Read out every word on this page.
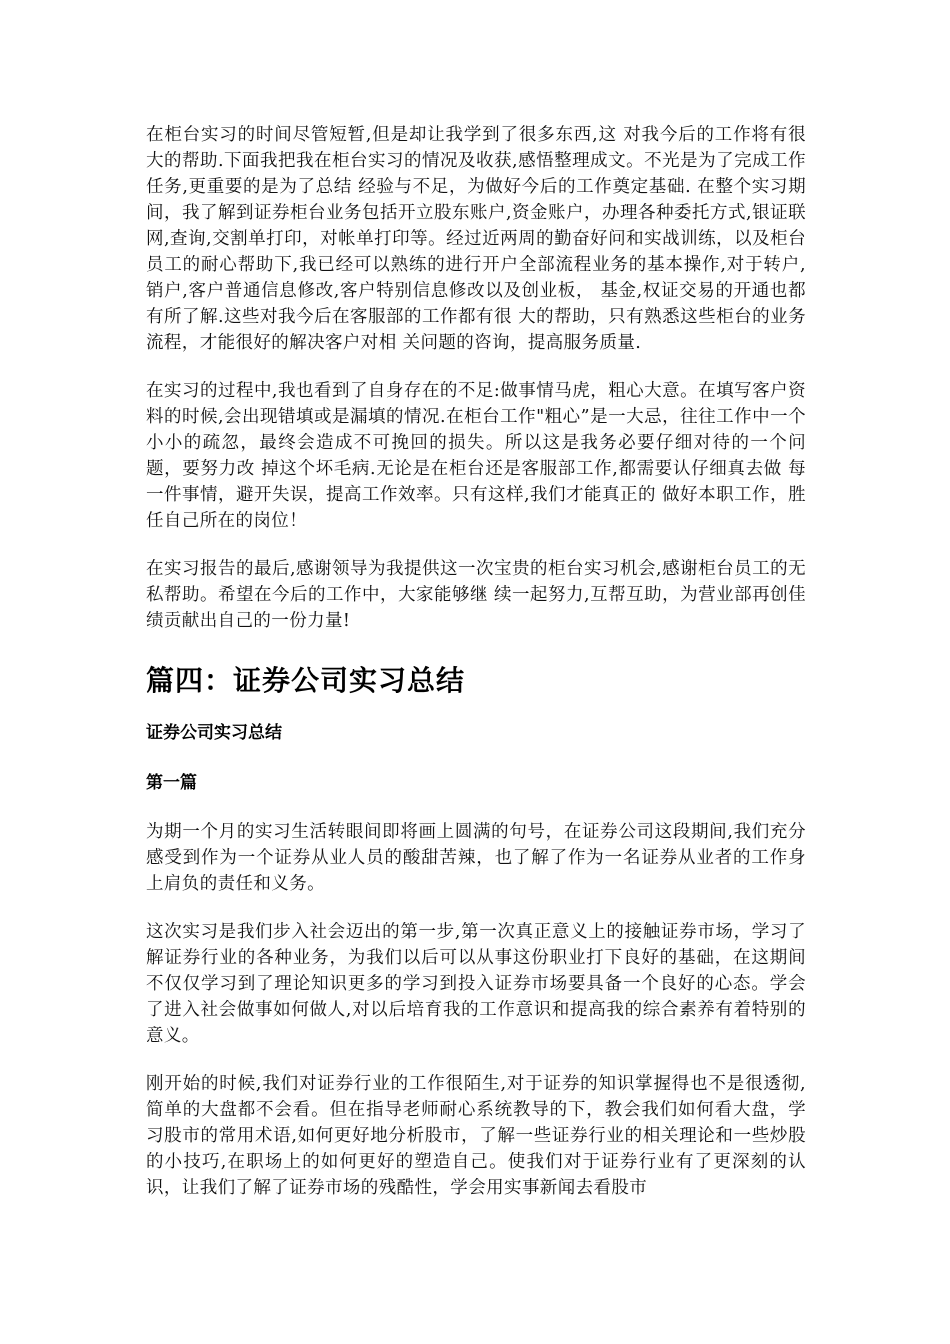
在柜台实习的时间尽管短暂,但是却让我学到了很多东西,这 对我今后的工作将有很大的帮助.下面我把我在柜台实习的情况及收获,感悟整理成文。不光是为了完成工作任务,更重要的是为了总结 经验与不足，为做好今后的工作奠定基础. 在整个实习期间，我了解到证券柜台业务包括开立股东账户,资金账户，办理各种委托方式,银证联网,查询,交割单打印，对帐单打印等。经过近两周的勤奋好问和实战训练，以及柜台员工的耐心帮助下,我已经可以熟练的进行开户全部流程业务的基本操作,对于转户,销户,客户普通信息修改,客户特别信息修改以及创业板， 基金,权证交易的开通也都有所了解.这些对我今后在客服部的工作都有很 大的帮助，只有熟悉这些柜台的业务流程，才能很好的解决客户对相 关问题的咨询，提高服务质量.

在实习的过程中,我也看到了自身存在的不足:做事情马虎，粗心大意。在填写客户资料的时候,会出现错填或是漏填的情况.在柜台工作"粗心”是一大忌，往往工作中一个小小的疏忽，最终会造成不可挽回的损失。所以这是我务必要仔细对待的一个问题，要努力改 掉这个坏毛病.无论是在柜台还是客服部工作,都需要认仔细真去做 每一件事情，避开失误，提高工作效率。只有这样,我们才能真正的 做好本职工作，胜任自己所在的岗位！

在实习报告的最后,感谢领导为我提供这一次宝贵的柜台实习机会,感谢柜台员工的无私帮助。希望在今后的工作中，大家能够继 续一起努力,互帮互助，为营业部再创佳绩贡献出自己的一份力量!

篇四：证券公司实习总结
证券公司实习总结
第一篇

为期一个月的实习生活转眼间即将画上圆满的句号，在证券公司这段期间,我们充分感受到作为一个证券从业人员的酸甜苦辣，也了解了作为一名证券从业者的工作身上肩负的责任和义务。

这次实习是我们步入社会迈出的第一步,第一次真正意义上的接触证券市场，学习了解证券行业的各种业务，为我们以后可以从事这份职业打下良好的基础，在这期间不仅仅学习到了理论知识更多的学习到投入证券市场要具备一个良好的心态。学会了进入社会做事如何做人,对以后培育我的工作意识和提高我的综合素养有着特别的意义。

刚开始的时候,我们对证券行业的工作很陌生,对于证券的知识掌握得也不是很透彻,简单的大盘都不会看。但在指导老师耐心系统教导的下，教会我们如何看大盘，学习股市的常用术语,如何更好地分析股市，了解一些证券行业的相关理论和一些炒股的小技巧,在职场上的如何更好的塑造自己。使我们对于证券行业有了更深刻的认识，让我们了解了证券市场的残酷性，学会用实事新闻去看股市
